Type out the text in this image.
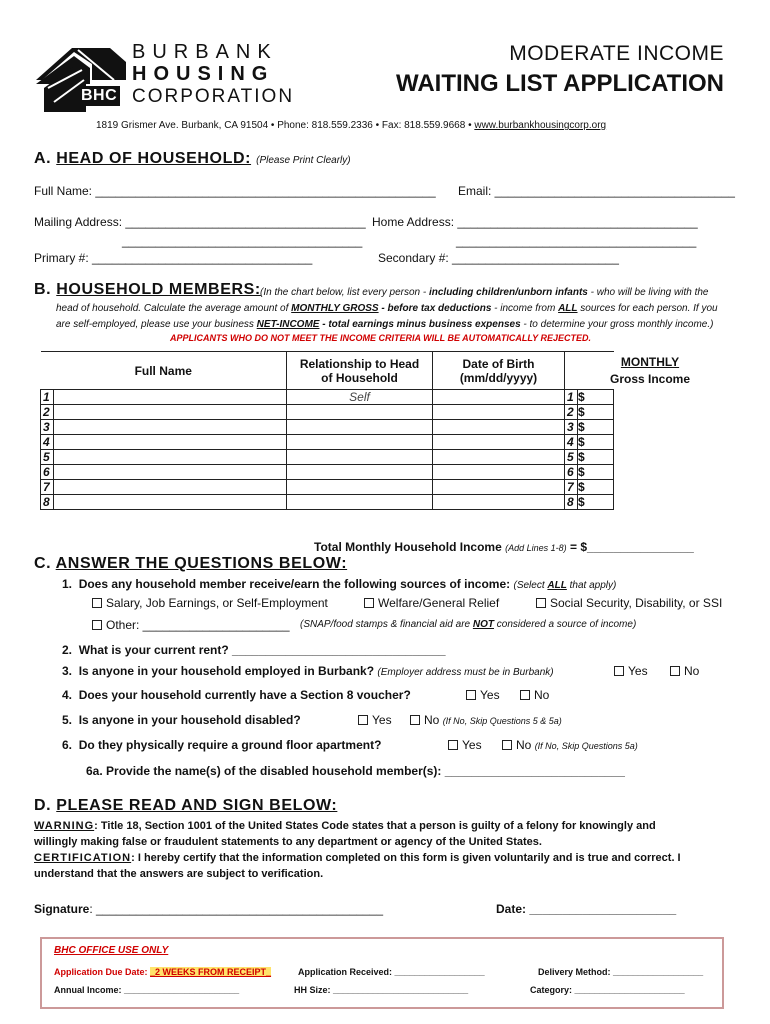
BHC
BURBANK
HOUSING
CORPORATION
MODERATE INCOME
WAITING LIST APPLICATION
1819 Grismer Ave. Burbank, CA 91504 • Phone: 818.559.2336 • Fax: 818.559.9668 • www.burbankhousingcorp.org
A. HEAD OF HOUSEHOLD: (Please Print Clearly)
Full Name: ___________________________________________________ Email: ____________________________________
Mailing Address: ____________________________________ Home Address: ____________________________________
____________________________________	____________________________________
Primary #: _________________________________	Secondary #: _________________________
B. HOUSEHOLD MEMBERS: (In the chart below, list every person - including children/unborn infants - who will be living with the
head of household. Calculate the average amount of MONTHLY GROSS - before tax deductions - income from ALL sources for each person. If you
are self-employed, please use your business NET-INCOME - total earnings minus business expenses - to determine your gross monthly income.)
APPLICANTS WHO DO NOT MEET THE INCOME CRITERIA WILL BE AUTOMATICALLY REJECTED.
Full Name		Relationship to Head
of Household	Date of Birth
(mm/dd/yyyy)		
1		Self		1	$
2				2	$
3				3	$
4				4	$
5				5	$
6				6	$
7				7	$
8				8	$
MONTHLY
Gross Income
Total Monthly Household Income (Add Lines 1-8) = $________________
C. ANSWER THE QUESTIONS BELOW:
1. Does any household member receive/earn the following sources of income: (Select ALL that apply)
Salary, Job Earnings, or Self-Employment	Welfare/General Relief	Social Security, Disability, or SSI
Other: ______________________ (SNAP/food stamps & financial aid are NOT considered a source of income)
2. What is your current rent? ________________________________
3. Is anyone in your household employed in Burbank? (Employer address must be in Burbank)	Yes	No
4. Does your household currently have a Section 8 voucher?	Yes	No
5. Is anyone in your household disabled?	Yes	No (If No, Skip Questions 5 & 5a)
6. Do they physically require a ground floor apartment?	Yes	No (If No, Skip Questions 5a)
6a. Provide the name(s) of the disabled household member(s): ___________________________
D. PLEASE READ AND SIGN BELOW:
WARNING: Title 18, Section 1001 of the United States Code states that a person is guilty of a felony for knowingly and
willingly making false or fraudulent statements to any department or agency of the United States.
CERTIFICATION: I hereby certify that the information completed on this form is given voluntarily and is true and correct. I
understand that the answers are subject to verification.
Signature: ___________________________________________	Date: ______________________
BHC OFFICE USE ONLY
Application Due Date: _2 WEEKS FROM RECEIPT_	Application Received: __________________	Delivery Method: __________________
Annual Income: _______________________	HH Size: ___________________________	Category: ______________________
